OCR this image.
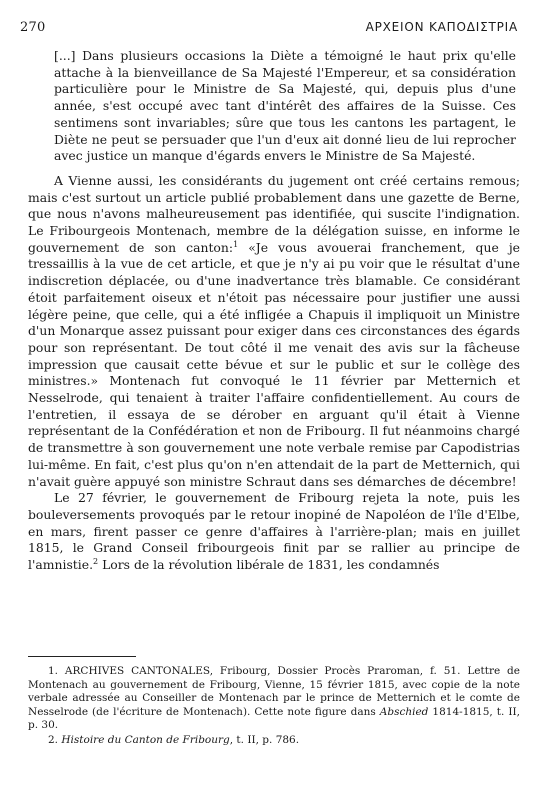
270	ΑΡΧΕΙΟΝ ΚΑΠΟΔΙΣΤΡΙΑ

[...] Dans plusieurs occasions la Diète a témoigné le haut prix qu'elle attache à la bienveillance de Sa Majesté l'Empereur, et sa considération particulière pour le Ministre de Sa Majesté, qui, depuis plus d'une année, s'est occupé avec tant d'intérêt des affaires de la Suisse. Ces sentimens sont invariables; sûre que tous les cantons les partagent, le Diète ne peut se persuader que l'un d'eux ait donné lieu de lui reprocher avec justice un manque d'égards envers le Ministre de Sa Majesté.

A Vienne aussi, les considérants du jugement ont créé certains remous; mais c'est surtout un article publié probablement dans une gazette de Berne, que nous n'avons malheureusement pas identifiée, qui suscite l'indignation. Le Fribourgeois Montenach, membre de la délégation suisse, en informe le gouvernement de son canton:$^1$ «Je vous avouerai franchement, que je tressaillis à la vue de cet article, et que je n'y ai pu voir que le résultat d'une indiscretion déplacée, ou d'une inadvertance très blamable. Ce considérant étoit parfaitement oiseux et n'étoit pas nécessaire pour justifier une aussi légère peine, que celle, qui a été infligée a Chapuis il impliquoit un Ministre d'un Monarque assez puissant pour exiger dans ces circonstances des égards pour son représentant. De tout côté il me venait des avis sur la fâcheuse impression que causait cette bévue et sur le public et sur le collège des ministres.» Montenach fut convoqué le 11 février par Metternich et Nesselrode, qui tenaient à traiter l'affaire confidentiellement. Au cours de l'entretien, il essaya de se dérober en arguant qu'il était à Vienne représentant de la Confédération et non de Fribourg. Il fut néanmoins chargé de transmettre à son gouvernement une note verbale remise par Capodistrias lui-même. En fait, c'est plus qu'on n'en attendait de la part de Metternich, qui n'avait guère appuyé son ministre Schraut dans ses démarches de décembre!

Le 27 février, le gouvernement de Fribourg rejeta la note, puis les bouleversements provoqués par le retour inopiné de Napoléon de l'île d'Elbe, en mars, firent passer ce genre d'affaires à l'arrière-plan; mais en juillet 1815, le Grand Conseil fribourgeois finit par se rallier au principe de l'amnistie.$^2$ Lors de la révolution libérale de 1831, les condamnés

1. ARCHIVES CANTONALES, Fribourg, Dossier Procès Praroman, f. 51. Lettre de Montenach au gouvernement de Fribourg, Vienne, 15 février 1815, avec copie de la note verbale adressée au Conseiller de Montenach par le prince de Metternich et le comte de Nesselrode (de l'écriture de Montenach). Cette note figure dans Abschied 1814-1815, t. II, p. 30.

2. Histoire du Canton de Fribourg, t. II, p. 786.
